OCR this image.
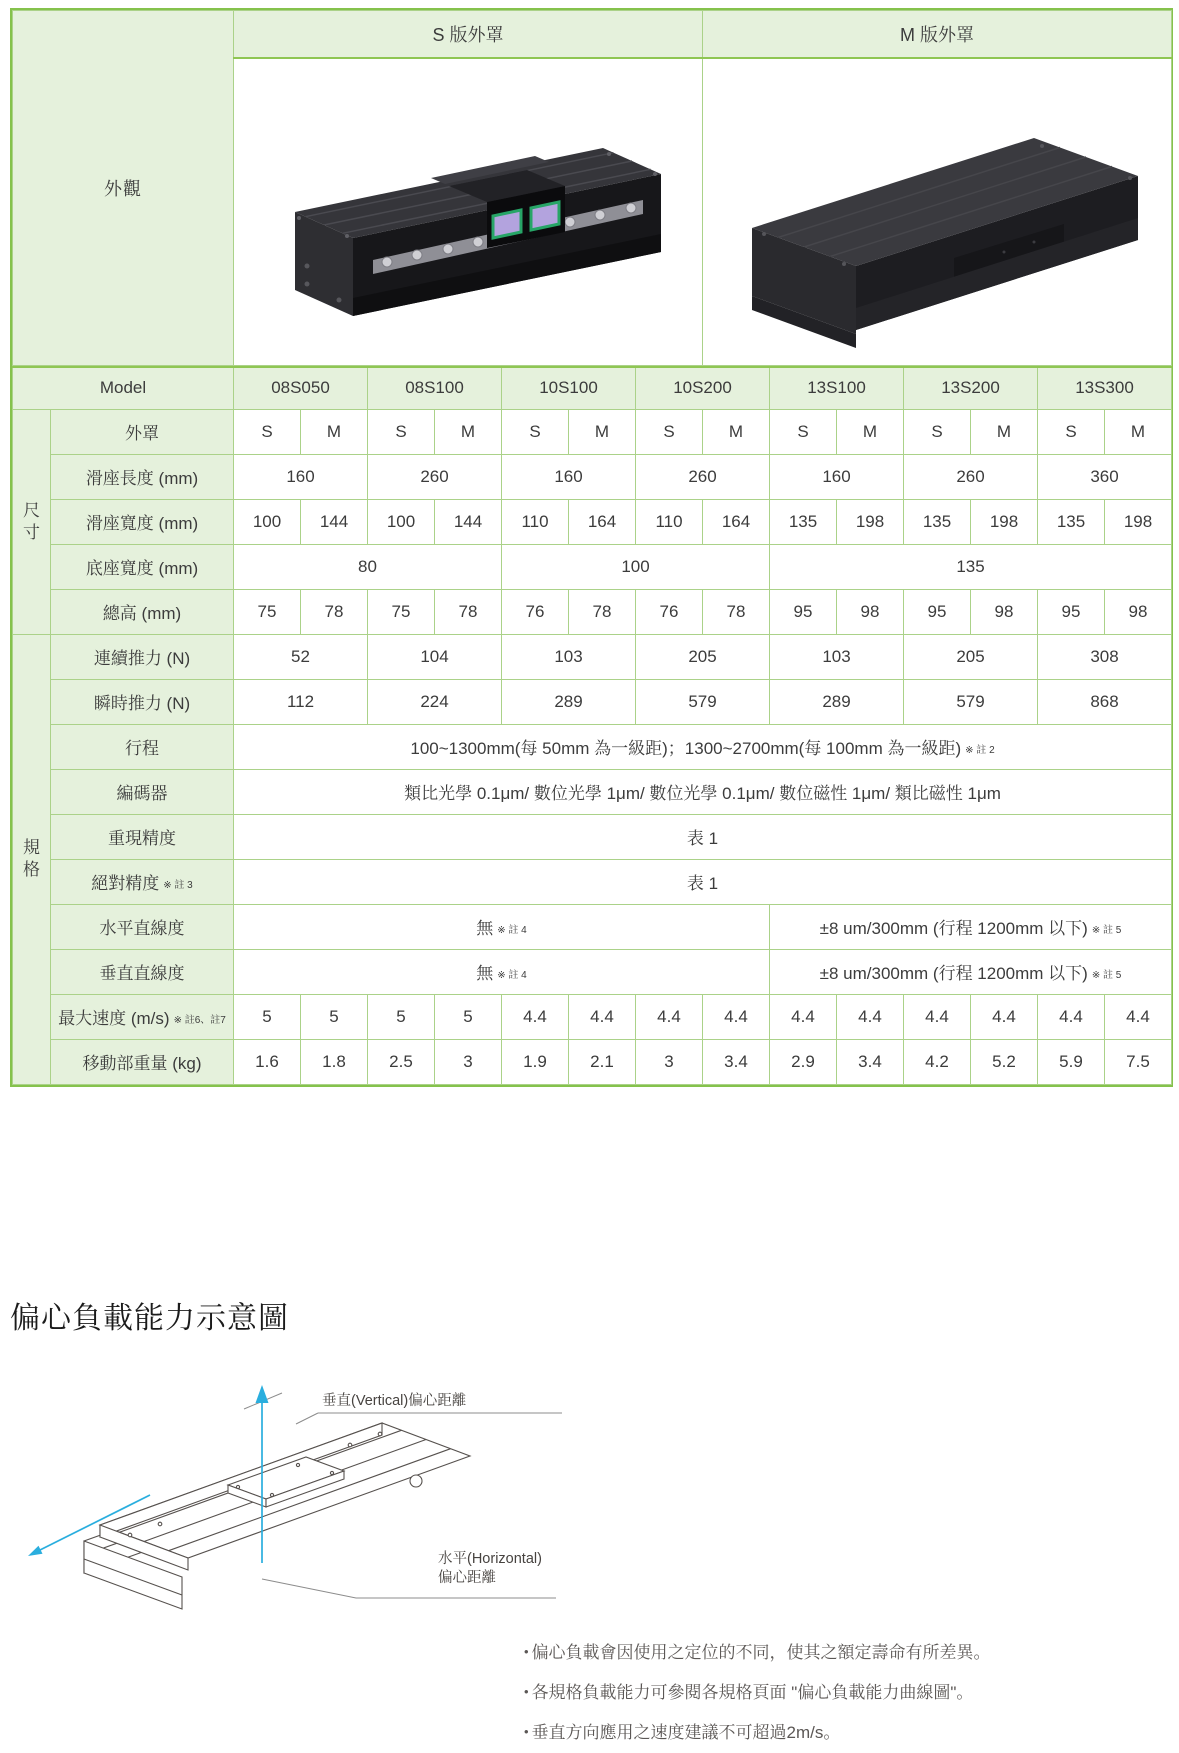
外觀	S 版外罩	M 版外罩

Model		08S050		08S100		10S100		10S200		13S100		13S200		13S300	
尺寸	外罩	S	M	S	M	S	M	S	M	S	M	S	M	S	M
	滑座長度 (mm)	160		260		160		260		160		260		360	
	滑座寬度 (mm)	100	144	100	144	110	164	110	164	135	198	135	198	135	198
	底座寬度 (mm)	80				100				135					
	總高 (mm)	75	78	75	78	76	78	76	78	95	98	95	98	95	98
規格	連續推力 (N)	52		104		103		205		103		205		308	
	瞬時推力 (N)	112		224		289		579		289		579		868	
	行程	100~1300mm(每 50mm 為一級距)；1300~2700mm(每 100mm 為一級距) ※ 註 2													
	編碼器	類比光學 0.1μm/ 數位光學 1μm/ 數位光學 0.1μm/ 數位磁性 1μm/ 類比磁性 1μm													
	重現精度	表 1													
	絕對精度 ※ 註 3	表 1													
	水平直線度	無 ※ 註 4								±8 um/300mm (行程 1200mm 以下) ※ 註 5					
	垂直直線度	無 ※ 註 4								±8 um/300mm (行程 1200mm 以下) ※ 註 5					
	最大速度 (m/s) ※ 註6、註7	5	5	5	5	4.4	4.4	4.4	4.4	4.4	4.4	4.4	4.4	4.4	4.4
	移動部重量 (kg)	1.6	1.8	2.5	3	1.9	2.1	3	3.4	2.9	3.4	4.2	5.2	5.9	7.5
偏心負載能力示意圖
垂直(Vertical)偏心距離
水平(Horizontal)
偏心距離
• 偏心負載會因使用之定位的不同，使其之額定壽命有所差異。
• 各規格負載能力可參閱各規格頁面 "偏心負載能力曲線圖"。
• 垂直方向應用之速度建議不可超過2m/s。
